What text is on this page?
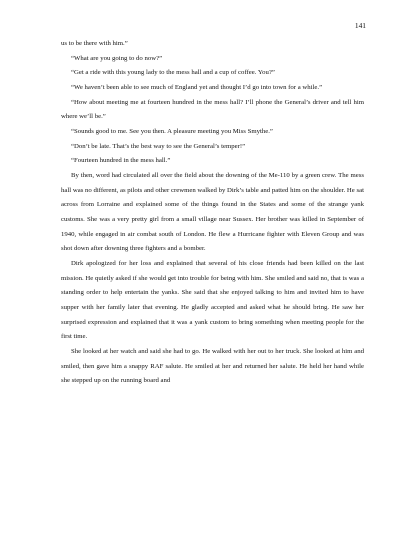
141

us to be there with him.”

“What are you going to do now?”

“Get a ride with this young lady to the mess hall and a cup of coffee. You?”

“We haven’t been able to see much of England yet and thought I’d go into town for a while.”

“How about meeting me at fourteen hundred in the mess hall? I’ll phone the General’s driver and tell him where we’ll be.”

“Sounds good to me. See you then. A pleasure meeting you Miss Smythe.”

“Don’t be late. That’s the best way to see the General’s temper!”

“Fourteen hundred in the mess hall.”

By then, word had circulated all over the field about the downing of the Me-110 by a green crew. The mess hall was no different, as pilots and other crewmen walked by Dirk’s table and patted him on the shoulder. He sat across from Lorraine and explained some of the things found in the States and some of the strange yank customs. She was a very pretty girl from a small village near Sussex. Her brother was killed in September of 1940, while engaged in air combat south of London. He flew a Hurricane fighter with Eleven Group and was shot down after downing three fighters and a bomber.

Dirk apologized for her loss and explained that several of his close friends had been killed on the last mission. He quietly asked if she would get into trouble for being with him. She smiled and said no, that is was a standing order to help entertain the yanks. She said that she enjoyed talking to him and invited him to have supper with her family later that evening. He gladly accepted and asked what he should bring. He saw her surprised expression and explained that it was a yank custom to bring something when meeting people for the first time.

She looked at her watch and said she had to go. He walked with her out to her truck. She looked at him and smiled, then gave him a snappy RAF salute. He smiled at her and returned her salute. He held her hand while she stepped up on the running board and
